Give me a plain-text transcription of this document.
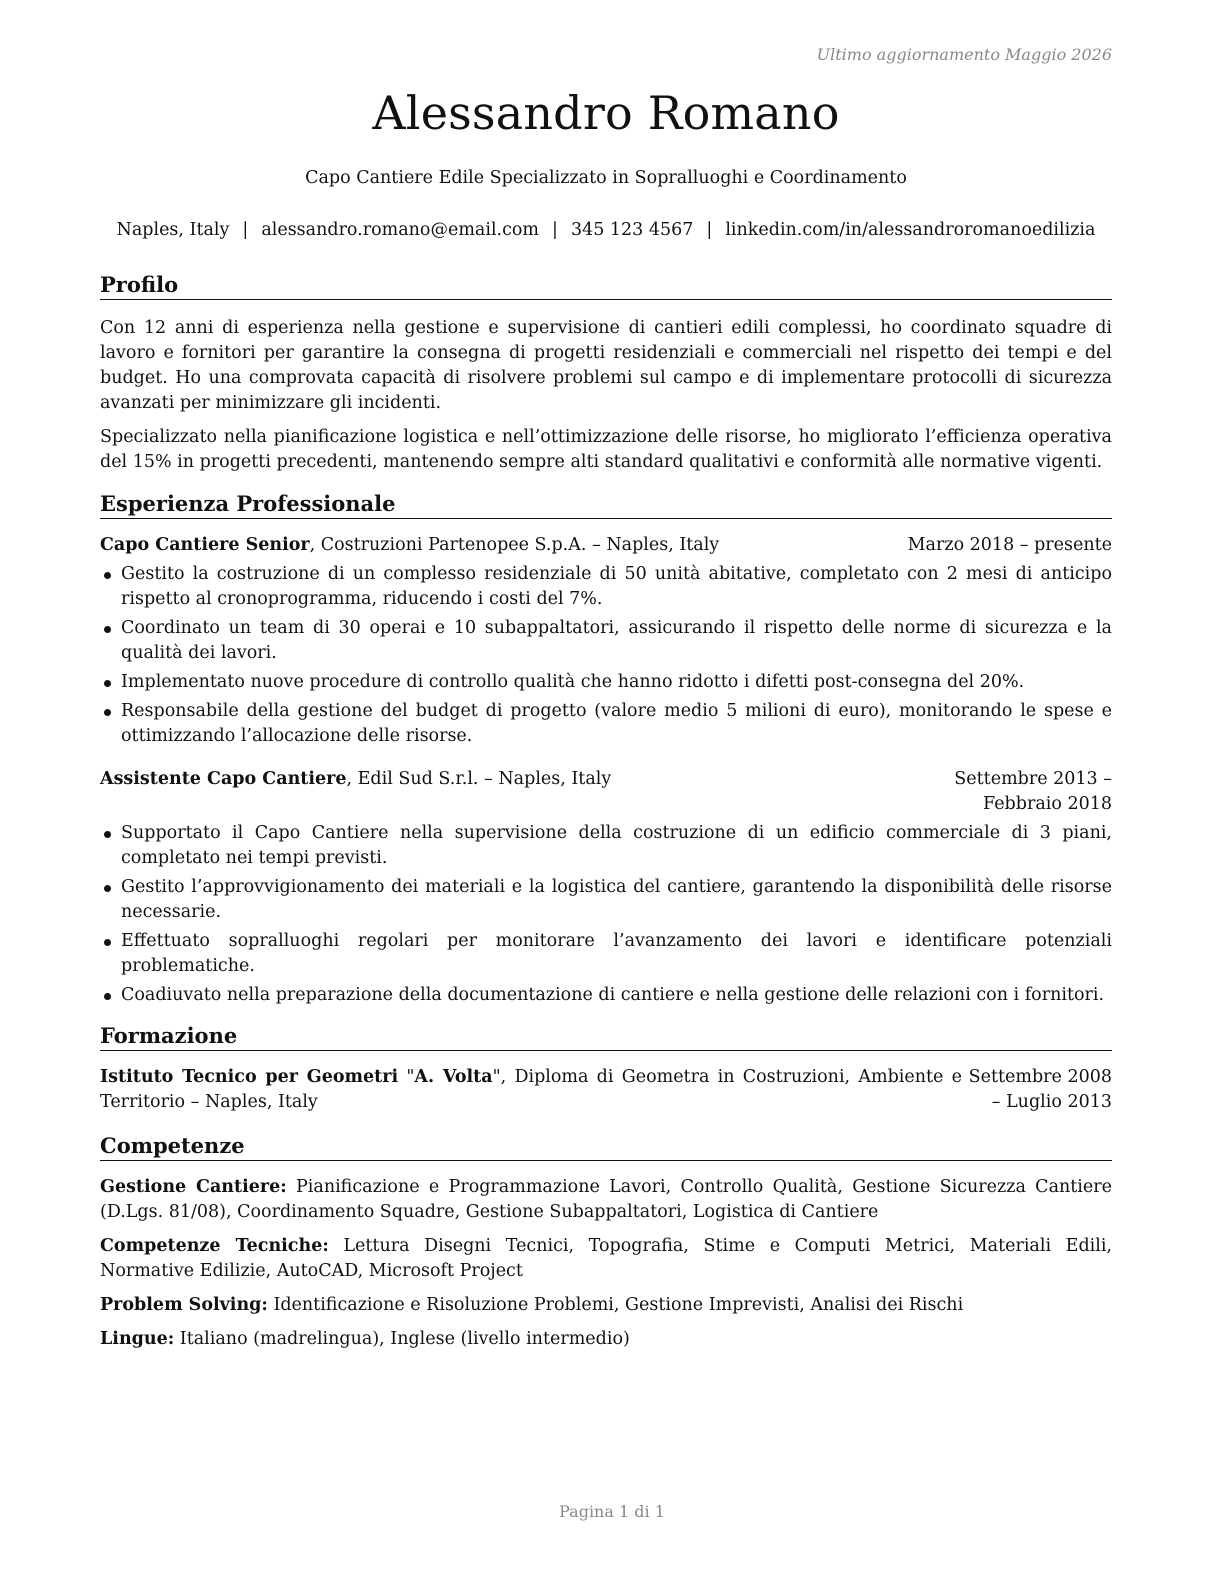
Ultimo aggiornamento Maggio 2026
Alessandro Romano
Capo Cantiere Edile Specializzato in Sopralluoghi e Coordinamento
Naples, Italy | alessandro.romano@email.com | 345 123 4567 | linkedin.com/in/alessandroromanoedilizia
Profilo

Con 12 anni di esperienza nella gestione e supervisione di cantieri edili complessi, ho coordinato squadre di lavoro e fornitori per garantire la consegna di progetti residenziali e commerciali nel rispetto dei tempi e del budget. Ho una comprovata capacità di risolvere problemi sul campo e di implementare protocolli di sicurezza avanzati per minimizzare gli incidenti.

Specializzato nella pianificazione logistica e nell’ottimizzazione delle risorse, ho migliorato l’efficienza operativa del 15% in progetti precedenti, mantenendo sempre alti standard qualitativi e conformità alle normative vigenti.

Esperienza Professionale
Capo Cantiere Senior, Costruzioni Partenopee S.p.A. – Naples, Italy	Marzo 2018 – presente
Gestito la costruzione di un complesso residenziale di 50 unità abitative, completato con 2 mesi di anticipo rispetto al cronoprogramma, riducendo i costi del 7%.
Coordinato un team di 30 operai e 10 subappaltatori, assicurando il rispetto delle norme di sicurezza e la qualità dei lavori.
Implementato nuove procedure di controllo qualità che hanno ridotto i difetti post-consegna del 20%.
Responsabile della gestione del budget di progetto (valore medio 5 milioni di euro), monitorando le spese e ottimizzando l’allocazione delle risorse.
Assistente Capo Cantiere, Edil Sud S.r.l. – Naples, Italy	Settembre 2013 – Febbraio 2018
Supportato il Capo Cantiere nella supervisione della costruzione di un edificio commerciale di 3 piani, completato nei tempi previsti.
Gestito l’approvvigionamento dei materiali e la logistica del cantiere, garantendo la disponibilità delle risorse necessarie.
Effettuato sopralluoghi regolari per monitorare l’avanzamento dei lavori e identificare potenziali problematiche.
Coadiuvato nella preparazione della documentazione di cantiere e nella gestione delle relazioni con i fornitori.
Formazione
Istituto Tecnico per Geometri "A. Volta", Diploma di Geometra in Costruzioni, Ambiente e Territorio – Naples, Italy
Settembre 2008 – Luglio 2013
Competenze

Gestione Cantiere: Pianificazione e Programmazione Lavori, Controllo Qualità, Gestione Sicurezza Cantiere (D.Lgs. 81/08), Coordinamento Squadre, Gestione Subappaltatori, Logistica di Cantiere

Competenze Tecniche: Lettura Disegni Tecnici, Topografia, Stime e Computi Metrici, Materiali Edili, Normative Edilizie, AutoCAD, Microsoft Project

Problem Solving: Identificazione e Risoluzione Problemi, Gestione Imprevisti, Analisi dei Rischi

Lingue: Italiano (madrelingua), Inglese (livello intermedio)

Pagina 1 di 1
